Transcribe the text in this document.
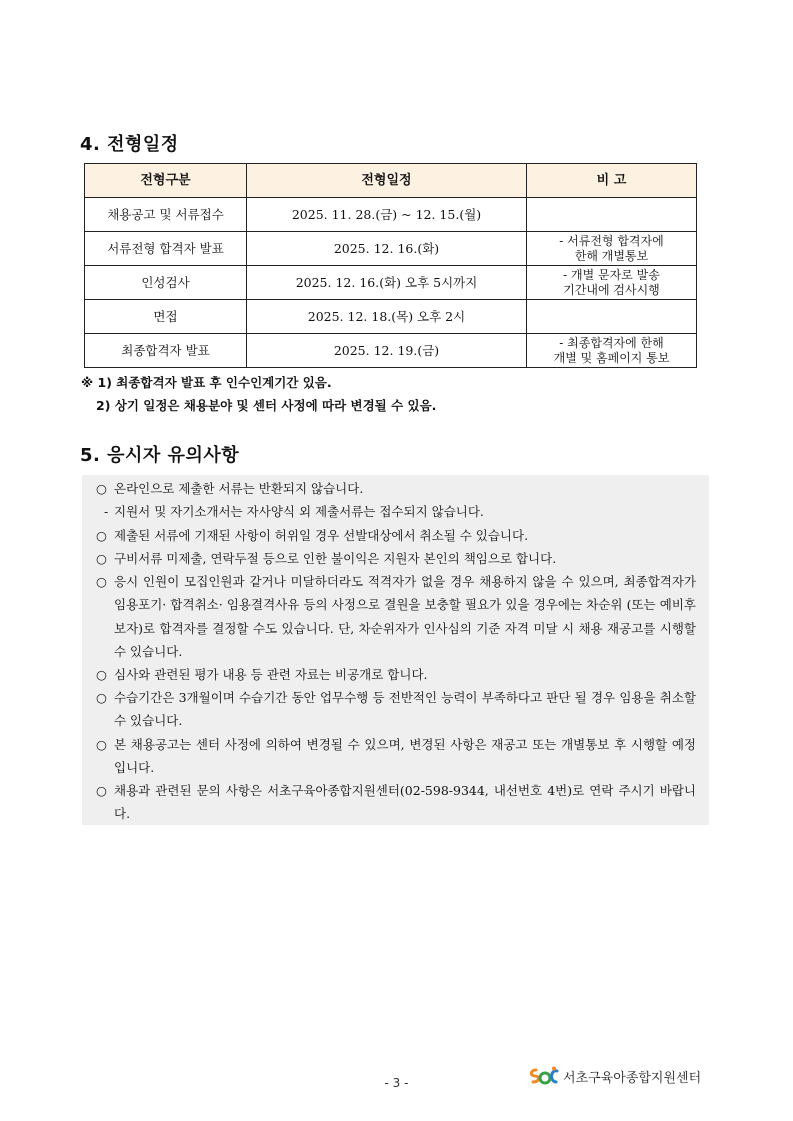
4. 전형일정
전형구분	전형일정	비 고
채용공고 및 서류접수	2025. 11. 28.(금) ~ 12. 15.(월)	
서류전형 합격자 발표	2025. 12. 16.(화)	- 서류전형 합격자에
한해 개별통보

인성검사	2025. 12. 16.(화) 오후 5시까지	- 개별 문자로 발송
기간내에 검사시행

면접	2025. 12. 18.(목) 오후 2시	
최종합격자 발표	2025. 12. 19.(금)	- 최종합격자에 한해
개별 및 홈페이지 통보
※ 1) 최종합격자 발표 후 인수인계기간 있음.
2) 상기 일정은 채용분야 및 센터 사정에 따라 변경될 수 있음.
5. 응시자 유의사항
○ 온라인으로 제출한 서류는 반환되지 않습니다.
- 지원서 및 자기소개서는 자사양식 외 제출서류는 접수되지 않습니다.
○ 제출된 서류에 기재된 사항이 허위일 경우 선발대상에서 취소될 수 있습니다.
○ 구비서류 미제출, 연락두절 등으로 인한 불이익은 지원자 본인의 책임으로 합니다.
○ 응시 인원이 모집인원과 같거나 미달하더라도 적격자가 없을 경우 채용하지 않을 수 있으며, 최종합격자가 임용포기· 합격취소· 임용결격사유 등의 사정으로 결원을 보충할 필요가 있을 경우에는 차순위 (또는 예비후보자)로 합격자를 결정할 수도 있습니다. 단, 차순위자가 인사심의 기준 자격 미달 시 채용 재공고를 시행할 수 있습니다.
○ 심사와 관련된 평가 내용 등 관련 자료는 비공개로 합니다.
○ 수습기간은 3개월이며 수습기간 동안 업무수행 등 전반적인 능력이 부족하다고 판단 될 경우 임용을 취소할 수 있습니다.
○ 본 채용공고는 센터 사정에 의하여 변경될 수 있으며, 변경된 사항은 재공고 또는 개별통보 후 시행할 예정입니다.
○ 채용과 관련된 문의 사항은 서초구육아종합지원센터(02-598-9344, 내선번호 4번)로 연락 주시기 바랍니다.
- 3 -	서초구육아종합지원센터
